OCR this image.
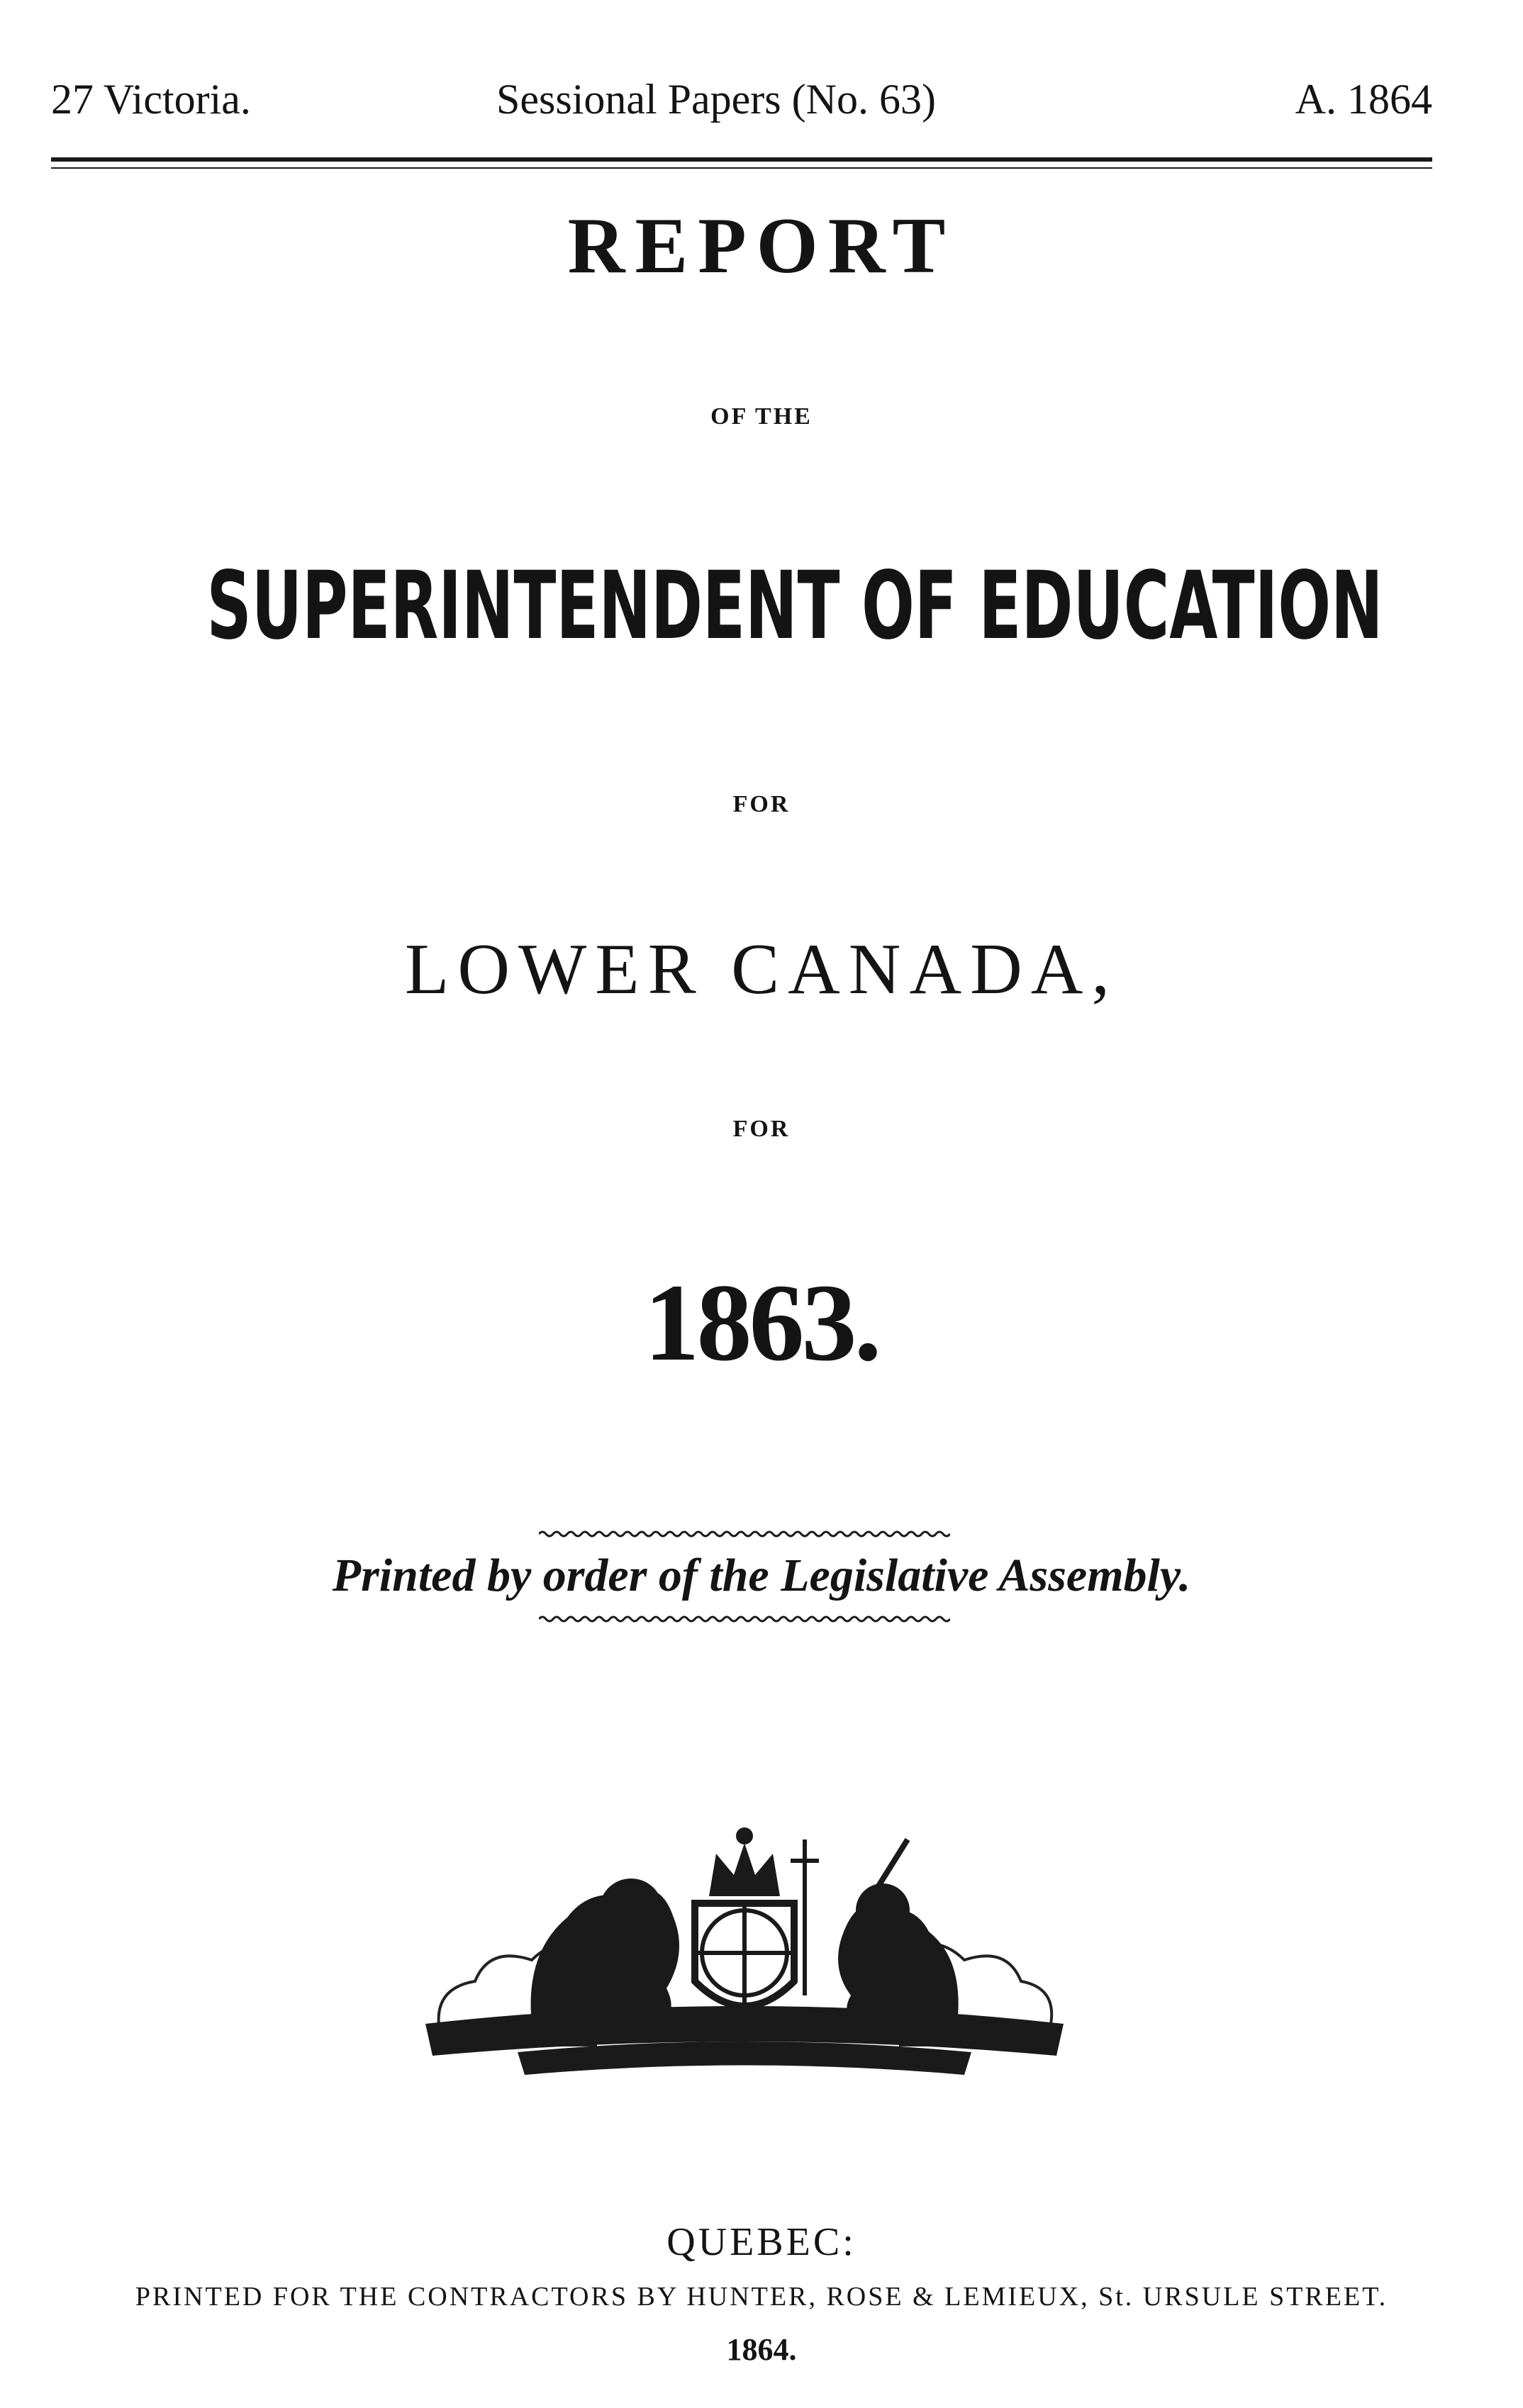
27 Victoria.	Sessional Papers (No. 63)	A. 1864
REPORT
OF THE
SUPERINTENDENT OF EDUCATION
FOR
LOWER CANADA,
FOR
1863.
Printed by order of the Legislative Assembly.
QUEBEC:
PRINTED FOR THE CONTRACTORS BY HUNTER, ROSE & LEMIEUX, St. URSULE STREET.
1864.
